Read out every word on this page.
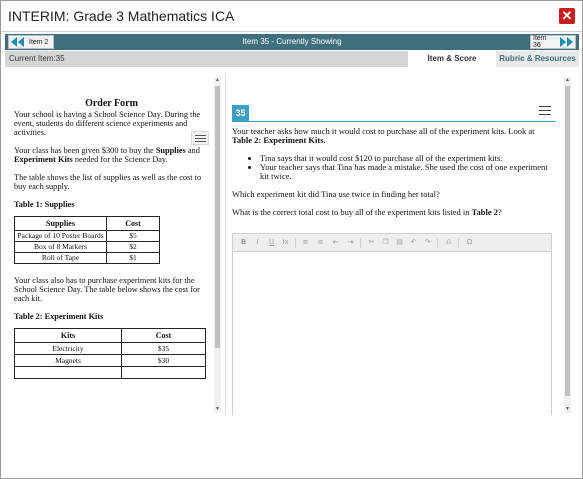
INTERIM: Grade 3 Mathematics ICA	✕
Item 2	Item 35 - Currently Showing	Item 36
Current Item:35	Item & Score	Rubric & Resources
Order Form

Your school is having a School Science Day. During the event, students do different science experiments and activities.

Your class has been given $300 to buy the Supplies and Experiment Kits needed for the Science Day.

The table shows the list of supplies as well as the cost to buy each supply.

Table 1: Supplies
Supplies	Cost
Package of 10 Poster Boards	$5
Box of 8 Markers	$2
Roll of Tape	$1

Your class also has to purchase experiment kits for the School Science Day. The table below shows the cost for each kit.

Table 2: Experiment Kits
Kits	Cost
Electricity	$35
Magnets	$30

▲
▼
35

Your teacher asks how much it would cost to purchase all of the experiment kits. Look at Table 2: Experiment Kits.

• Tina says that it would cost $120 to purchase all of the experiment kits.
• Your teacher says that Tina has made a mistake. She used the cost of one experiment kit twice.

Which experiment kit did Tina use twice in finding her total?

What is the correct total cost to buy all of the experiment kits listed in Table 2?

B	I	U	Ix	≡	≡	⇤	⇥	✂	❐	▤	↶	↷	⎌	Ω
▲
▼
